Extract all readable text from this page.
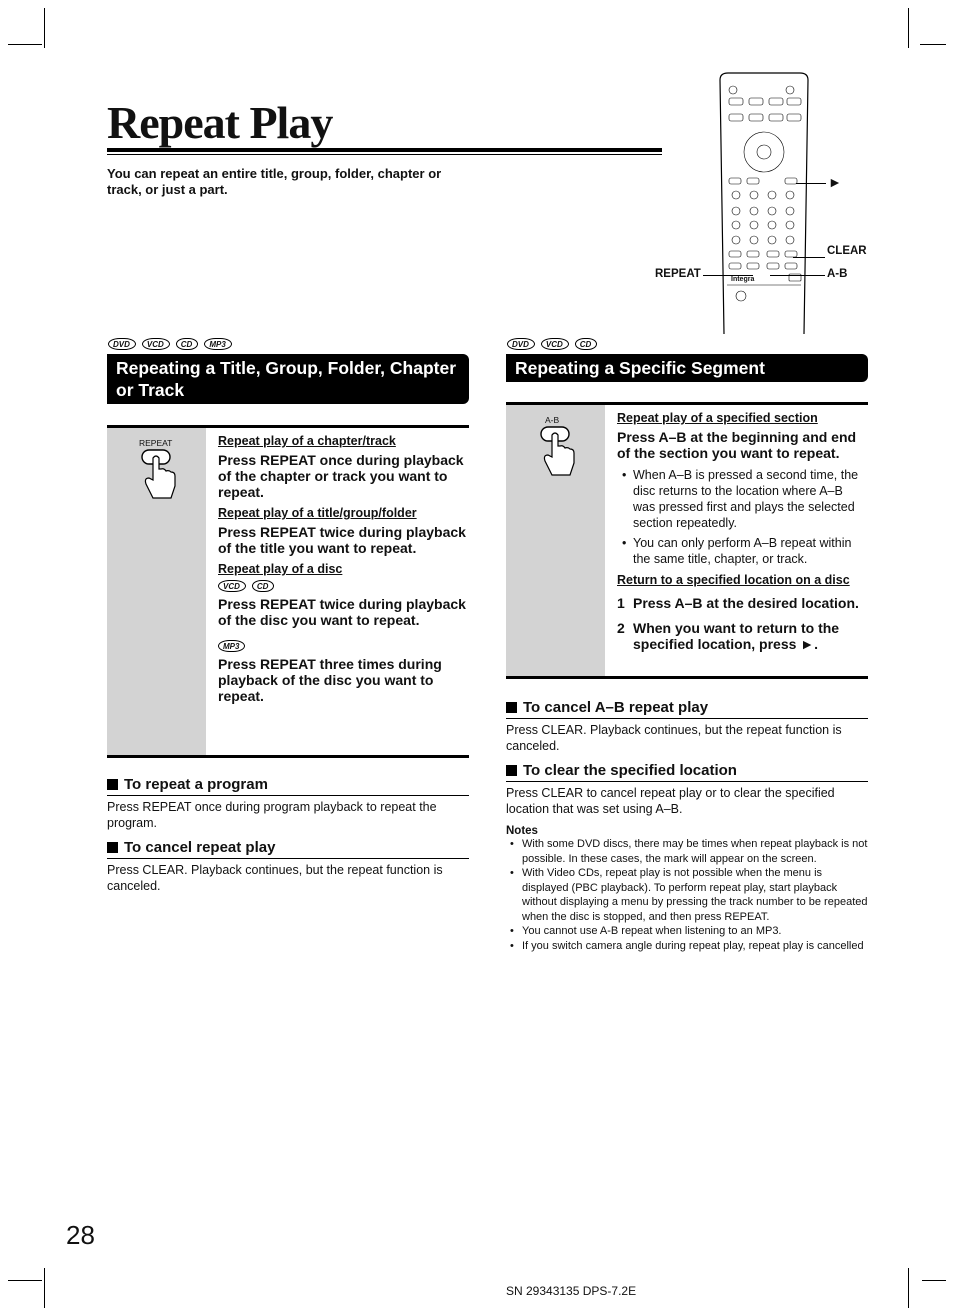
Repeat Play
You can repeat an entire title, group, folder, chapter or track, or just a part.
Integra
►
CLEAR
A-B
REPEAT
DVD	VCD	CD	MP3
Repeating a Title, Group, Folder, Chapter or Track
REPEAT	Repeat play of a chapter/track
Press REPEAT once during playback of the chapter or track you want to repeat.
Repeat play of a title/group/folder
Press REPEAT twice during playback of the title you want to repeat.
Repeat play of a disc
VCD	CD
Press REPEAT twice during playback of the disc you want to repeat.
MP3
Press REPEAT three times during playback of the disc you want to repeat.
To repeat a program
Press REPEAT once during program playback to repeat the program.
To cancel repeat play
Press CLEAR. Playback continues, but the repeat function is canceled.
DVD	VCD	CD
Repeating a Specific Segment
A-B	Repeat play of a specified section
Press A–B at the beginning and end of the section you want to repeat.
• When A–B is pressed a second time, the disc returns to the location where A–B was pressed first and plays the selected section repeatedly.
• You can only perform A–B repeat within the same title, chapter, or track.
Return to a specified location on a disc
1 Press A–B at the desired location.
2 When you want to return to the specified location, press ►.
To cancel A–B repeat play
Press CLEAR. Playback continues, but the repeat function is canceled.
To clear the specified location
Press CLEAR to cancel repeat play or to clear the specified location that was set using A–B.
Notes
• With some DVD discs, there may be times when repeat playback is not possible. In these cases, the mark will appear on the screen.
• With Video CDs, repeat play is not possible when the menu is displayed (PBC playback). To perform repeat play, start playback without displaying a menu by pressing the track number to be repeated when the disc is stopped, and then press REPEAT.
• You cannot use A-B repeat when listening to an MP3.
• If you switch camera angle during repeat play, repeat play is cancelled
28
SN 29343135 DPS-7.2E
